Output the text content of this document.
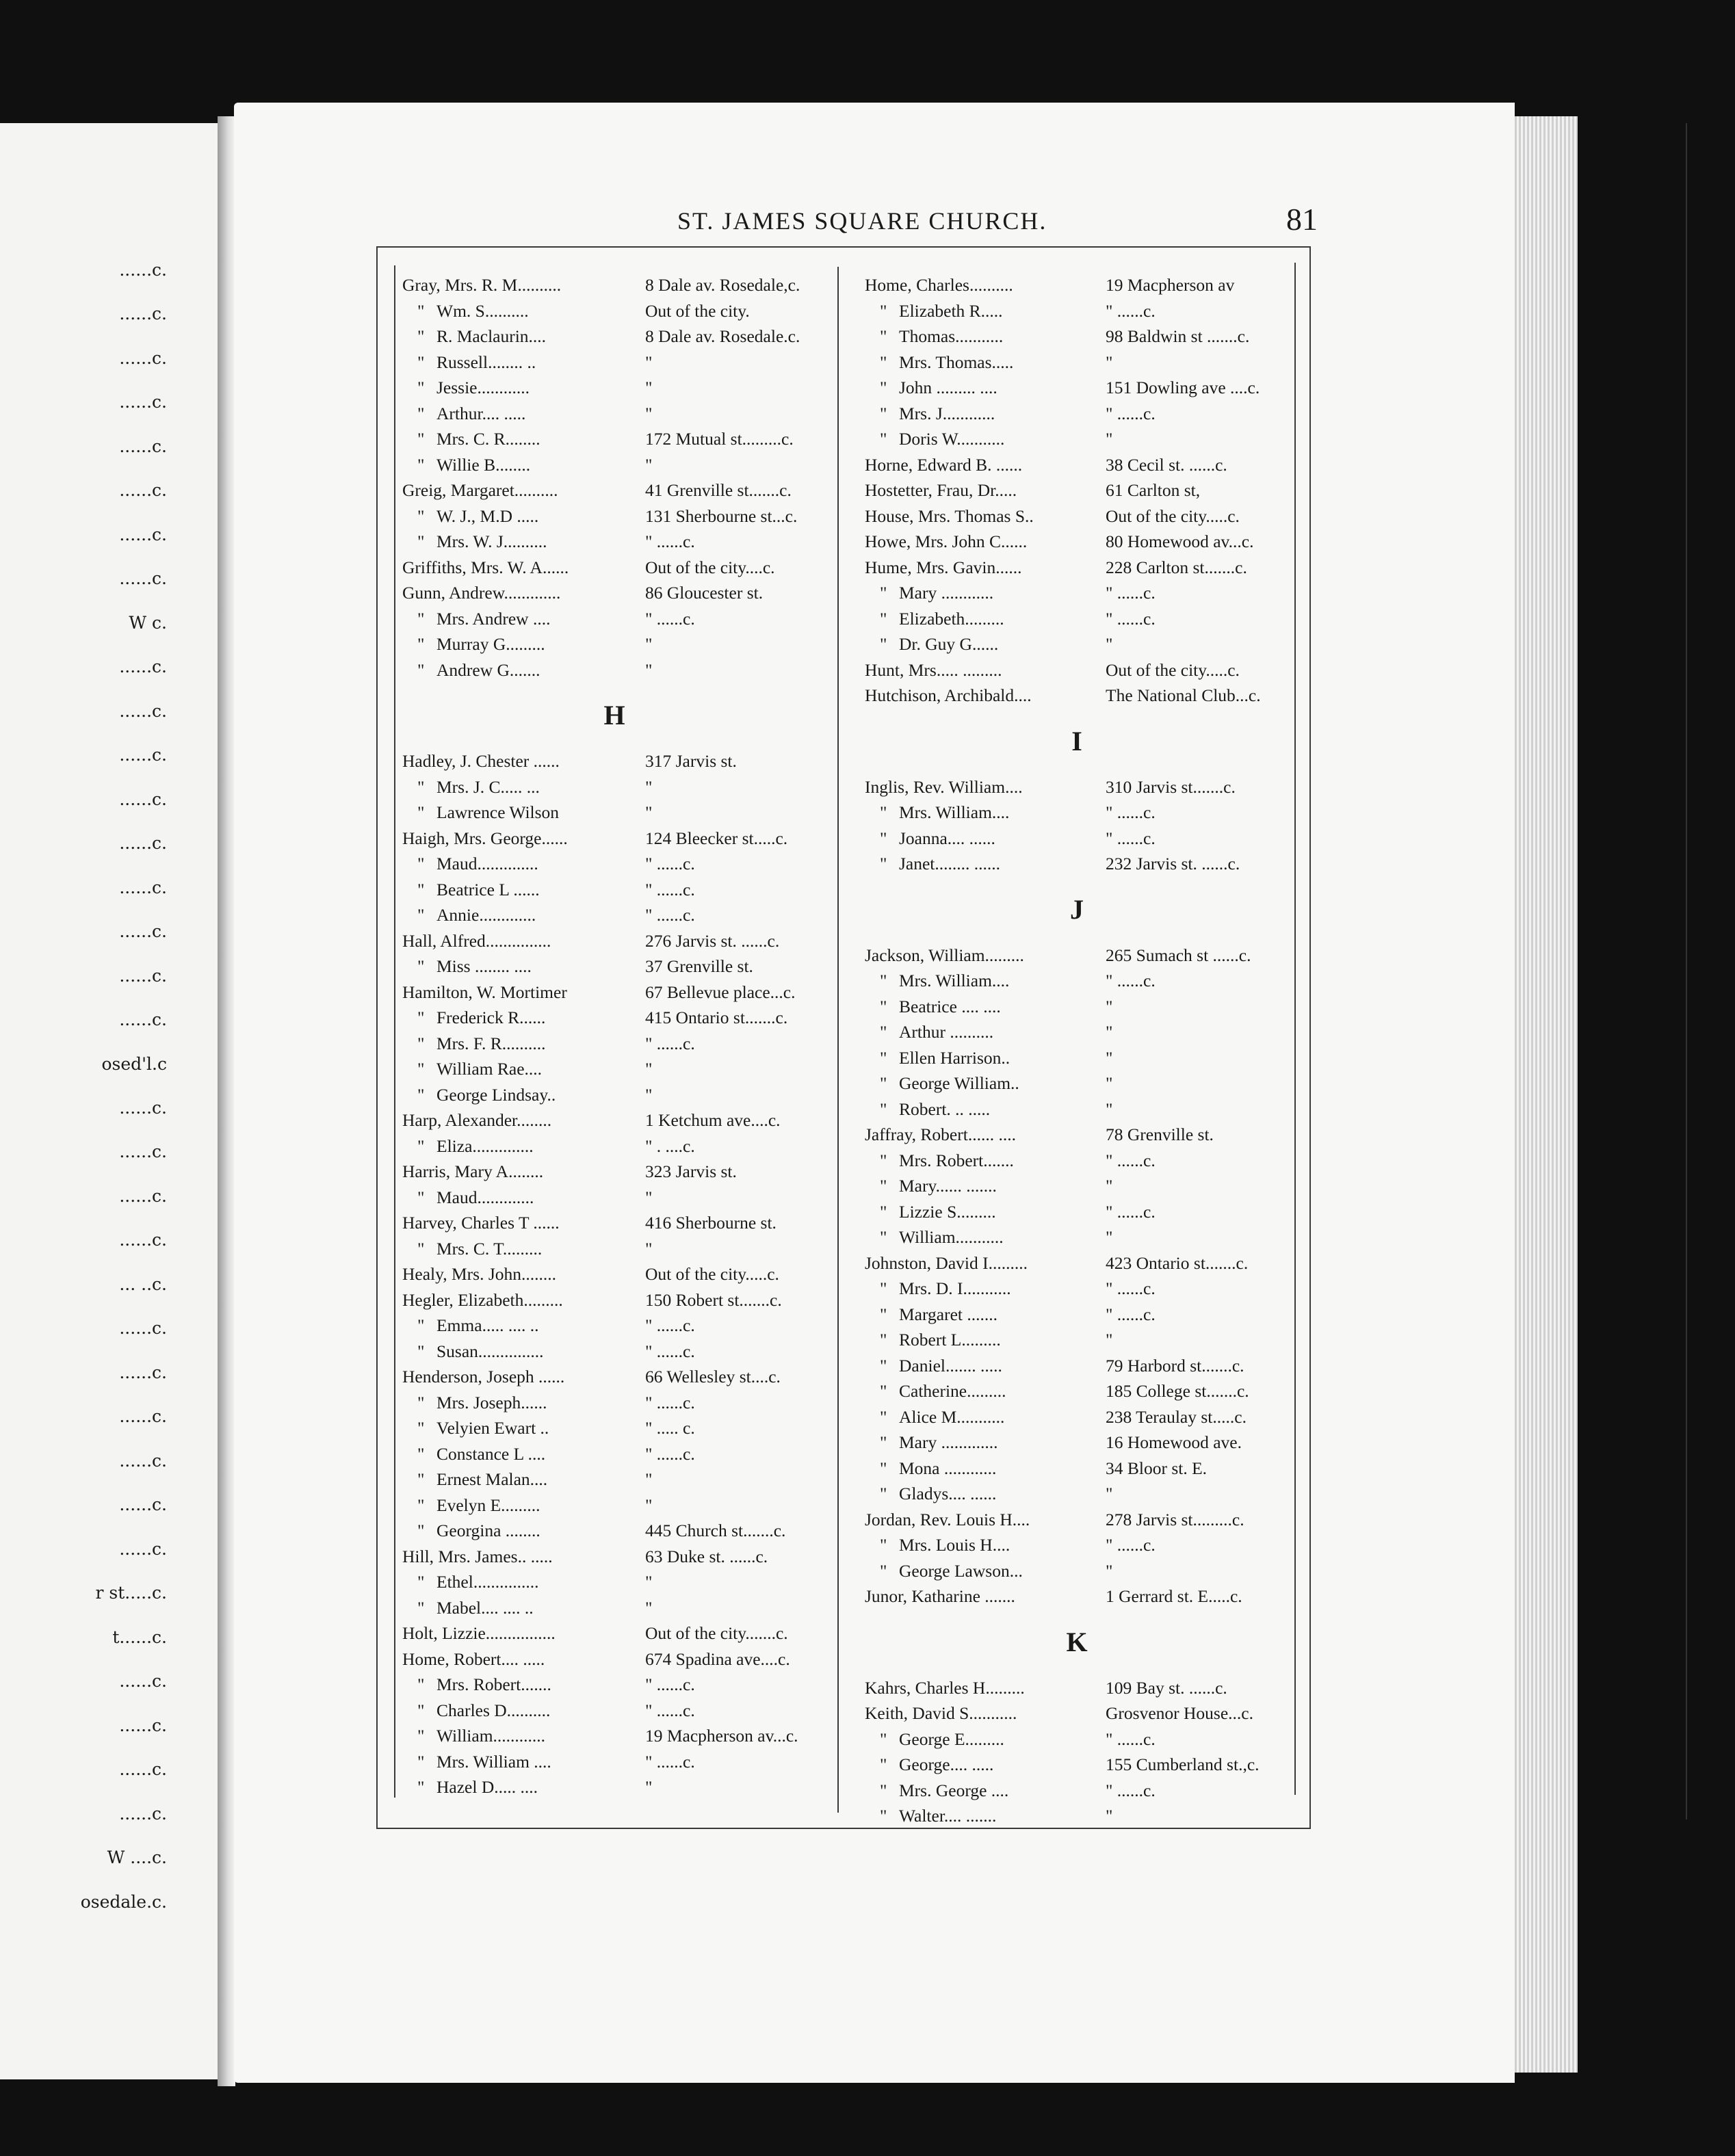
......c.
......c.
......c.
......c.
......c.
......c.
......c.
......c.
W c.
......c.
......c.
......c.
......c.
......c.
......c.
......c.
......c.
......c.
osed'l.c
......c.
......c.
......c.
......c.
... ..c.
......c.
......c.
......c.
......c.
......c.
......c.
r st.....c.
t......c.
......c.
......c.
......c.
......c.
W ....c.
osedale.c.
ST. JAMES SQUARE CHURCH.	81
Gray, Mrs. R. M..........	8 Dale av. Rosedale,c.
" Wm. S..........	Out of the city.
" R. Maclaurin....	8 Dale av. Rosedale.c.
" Russell........ ..	"
" Jessie............	"
" Arthur.... .....	"
" Mrs. C. R........	172 Mutual st.........c.
" Willie B........	"
Greig, Margaret..........	41 Grenville st.......c.
" W. J., M.D .....	131 Sherbourne st...c.
" Mrs. W. J..........	" ......c.
Griffiths, Mrs. W. A......	Out of the city....c.
Gunn, Andrew.............	86 Gloucester st.
" Mrs. Andrew ....	" ......c.
" Murray G.........	"
" Andrew G.......	"
H
Hadley, J. Chester ......	317 Jarvis st.
" Mrs. J. C..... ...	"
" Lawrence Wilson	"
Haigh, Mrs. George......	124 Bleecker st.....c.
" Maud..............	" ......c.
" Beatrice L ......	" ......c.
" Annie.............	" ......c.
Hall, Alfred...............	276 Jarvis st. ......c.
" Miss ........ ....	37 Grenville st.
Hamilton, W. Mortimer	67 Bellevue place...c.
" Frederick R......	415 Ontario st.......c.
" Mrs. F. R..........	" ......c.
" William Rae....	"
" George Lindsay..	"
Harp, Alexander........	1 Ketchum ave....c.
" Eliza..............	" . ....c.
Harris, Mary A........	323 Jarvis st.
" Maud.............	"
Harvey, Charles T ......	416 Sherbourne st.
" Mrs. C. T.........	"
Healy, Mrs. John........	Out of the city.....c.
Hegler, Elizabeth.........	150 Robert st.......c.
" Emma..... .... ..	" ......c.
" Susan...............	" ......c.
Henderson, Joseph ......	66 Wellesley st....c.
" Mrs. Joseph......	" ......c.
" Velyien Ewart ..	" ..... c.
" Constance L ....	" ......c.
" Ernest Malan....	"
" Evelyn E.........	"
" Georgina ........	445 Church st.......c.
Hill, Mrs. James.. .....	63 Duke st. ......c.
" Ethel...............	"
" Mabel.... .... ..	"
Holt, Lizzie................	Out of the city.......c.
Home, Robert.... .....	674 Spadina ave....c.
" Mrs. Robert.......	" ......c.
" Charles D..........	" ......c.
" William............	19 Macpherson av...c.
" Mrs. William ....	" ......c.
" Hazel D..... ....	"
Home, Charles..........	19 Macpherson av
" Elizabeth R.....	" ......c.
" Thomas...........	98 Baldwin st .......c.
" Mrs. Thomas.....	"
" John ......... ....	151 Dowling ave ....c.
" Mrs. J............	" ......c.
" Doris W...........	"
Horne, Edward B. ......	38 Cecil st. ......c.
Hostetter, Frau, Dr.....	61 Carlton st,
House, Mrs. Thomas S..	Out of the city.....c.
Howe, Mrs. John C......	80 Homewood av...c.
Hume, Mrs. Gavin......	228 Carlton st.......c.
" Mary ............	" ......c.
" Elizabeth.........	" ......c.
" Dr. Guy G......	"
Hunt, Mrs..... .........	Out of the city.....c.
Hutchison, Archibald....	The National Club...c.
I
Inglis, Rev. William....	310 Jarvis st.......c.
" Mrs. William....	" ......c.
" Joanna.... ......	" ......c.
" Janet........ ......	232 Jarvis st. ......c.
J
Jackson, William.........	265 Sumach st ......c.
" Mrs. William....	" ......c.
" Beatrice .... ....	"
" Arthur ..........	"
" Ellen Harrison..	"
" George William..	"
" Robert. .. .....	"
Jaffray, Robert...... ....	78 Grenville st.
" Mrs. Robert.......	" ......c.
" Mary...... .......	"
" Lizzie S.........	" ......c.
" William...........	"
Johnston, David I.........	423 Ontario st.......c.
" Mrs. D. I...........	" ......c.
" Margaret .......	" ......c.
" Robert L.........	"
" Daniel....... .....	79 Harbord st.......c.
" Catherine.........	185 College st.......c.
" Alice M...........	238 Teraulay st.....c.
" Mary .............	16 Homewood ave.
" Mona ............	34 Bloor st. E.
" Gladys.... ......	"
Jordan, Rev. Louis H....	278 Jarvis st.........c.
" Mrs. Louis H....	" ......c.
" George Lawson...	"
Junor, Katharine .......	1 Gerrard st. E.....c.
K
Kahrs, Charles H.........	109 Bay st. ......c.
Keith, David S...........	Grosvenor House...c.
" George E.........	" ......c.
" George.... .....	155 Cumberland st.,c.
" Mrs. George ....	" ......c.
" Walter.... .......	"
